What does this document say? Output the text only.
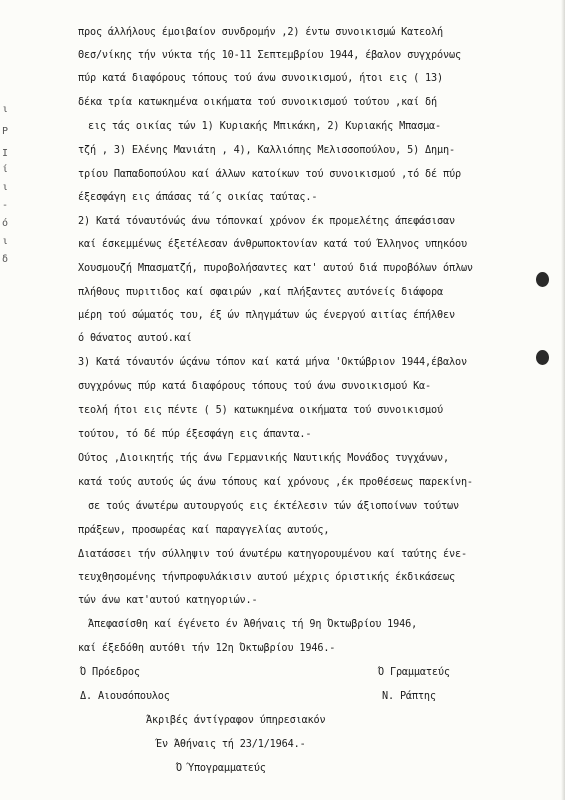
ι
Ρ
Ι
ί
ι
-
ό
ι
δ
προς άλλήλους έμοιβαίον συνδρομήν ,2) έντω συνοικισμώ Κατεολή
Θεσ/νίκης τήν νύκτα τής 10-11 Σεπτεμβρίου 1944, έβαλον συγχρόνως
πύρ κατά διαφόρους τόπους τού άνω συνοικισμού, ήτοι εις ( 13)
δέκα τρία κατωκημένα οικήματα τού συνοικισμού τούτου ,καί δή
εις τάς οικίας τών 1) Κυριακής Μπικάκη, 2) Κυριακής Μπασμα-
τζή , 3) Ελένης Μανιάτη , 4), Καλλιόπης Μελισσοπούλου, 5) Δημη-
τρίου Παπαδοπούλου καί άλλων κατοίκων τού συνοικισμού ,τό δέ πύρ
έξεσφάγη εις άπάσας τά΄ς οικίας ταύτας.-
2) Κατά τόναυτόνώς άνω τόπονκαί χρόνον έκ προμελέτης άπεφάσισαν
καί έσκεμμένως έξετέλεσαν άνθρωποκτονίαν κατά τού Έλληνος υπηκόου
Χουσμουζή Μπασματζή, πυροβολήσαντες κατ' αυτού διά πυροβόλων όπλων
πλήθους πυριτιδος καί σφαιρών ,καί πλήξαντες αυτόνείς διάφορα
μέρη τού σώματός του, έξ ών πληγμάτων ώς ένεργού αιτίας έπήλθεν
ό θάνατος αυτού.καί
3) Κατά τόναυτόν ώςάνω τόπον καί κατά μήνα 'Οκτώβριον 1944,έβαλον
συγχρόνως πύρ κατά διαφόρους τόπους τού άνω συνοικισμού Κα-
τεολή ήτοι εις πέντε ( 5) κατωκημένα οικήματα τού συνοικισμού
τούτου, τό δέ πύρ έξεσφάγη εις άπαντα.-
Ούτος ,Διοικητής τής άνω Γερμανικής Ναυτικής Μονάδος τυγχάνων,
κατά τούς αυτούς ώς άνω τόπους καί χρόνους ,έκ προθέσεως παρεκίνη-
σε τούς άνωτέρω αυτουργούς εις έκτέλεσιν τών άξιοποίνων τούτων
πράξεων, προσωρέας καί παραγγελίας αυτούς,
Διατάσσει τήν σύλληψιν τού άνωτέρω κατηγορουμένου καί ταύτης ένε-
τευχθησομένης τήνπροφυλάκισιν αυτού μέχρις όριστικής έκδικάσεως
τών άνω κατ'αυτού κατηγοριών.-
Άπεφασίσθη καί έγένετο έν Άθήναις τή 9η Όκτωβρίου 1946,
καί έξεδόθη αυτόθι τήν 12η Όκτωβρίου 1946.-
Ό Πρόεδρος	Ό Γραμματεύς
Δ. Αιουσόπουλος	Ν. Ράπτης
Άκριβές άντίγραφον ύπηρεσιακόν
Έν Άθήναις τή 23/1/1964.-
Ό Ύπογραμματεύς
